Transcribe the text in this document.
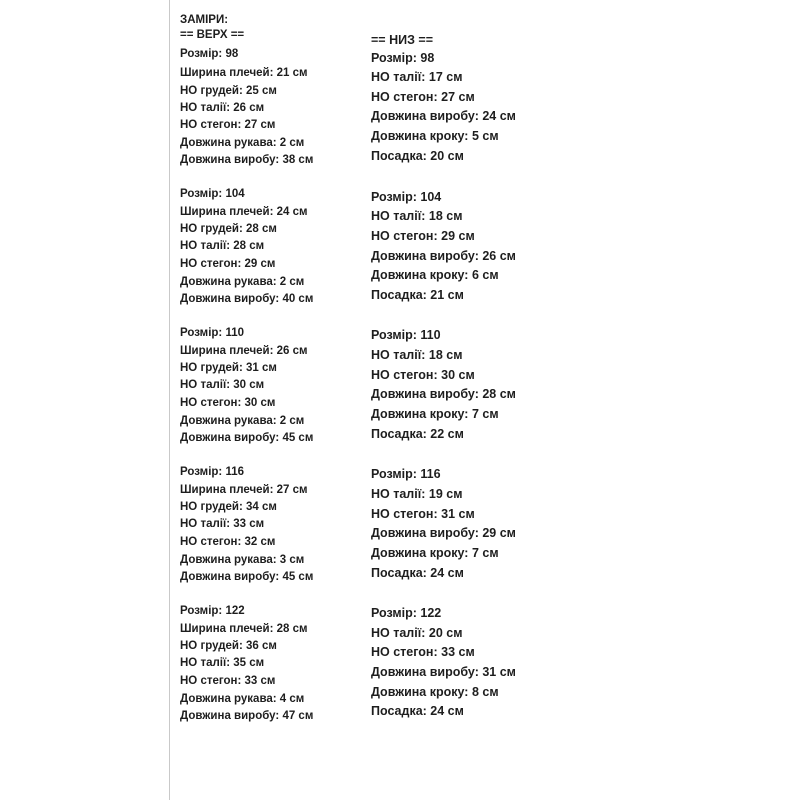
ЗАМІРИ:
== ВЕРХ ==
Розмір: 98
Ширина плечей: 21 см
НО грудей: 25 см
НО талії: 26 см
НО стегон: 27 см
Довжина рукава: 2 см
Довжина виробу: 38 см
Розмір: 104
Ширина плечей: 24 см
НО грудей: 28 см
НО талії: 28 см
НО стегон: 29 см
Довжина рукава: 2 см
Довжина виробу: 40 см
Розмір: 110
Ширина плечей: 26 см
НО грудей: 31 см
НО талії: 30 см
НО стегон: 30 см
Довжина рукава: 2 см
Довжина виробу: 45 см
Розмір: 116
Ширина плечей: 27 см
НО грудей: 34 см
НО талії: 33 см
НО стегон: 32 см
Довжина рукава: 3 см
Довжина виробу: 45 см
Розмір: 122
Ширина плечей: 28 см
НО грудей: 36 см
НО талії: 35 см
НО стегон: 33 см
Довжина рукава: 4 см
Довжина виробу: 47 см
== НИЗ ==
Розмір: 98
НО талії: 17 см
НО стегон: 27 см
Довжина виробу: 24 см
Довжина кроку: 5 см
Посадка: 20 см
Розмір: 104
НО талії: 18 см
НО стегон: 29 см
Довжина виробу: 26 см
Довжина кроку: 6 см
Посадка: 21 см
Розмір: 110
НО талії: 18 см
НО стегон: 30 см
Довжина виробу: 28 см
Довжина кроку: 7 см
Посадка: 22 см
Розмір: 116
НО талії: 19 см
НО стегон: 31 см
Довжина виробу: 29 см
Довжина кроку: 7 см
Посадка: 24 см
Розмір: 122
НО талії: 20 см
НО стегон: 33 см
Довжина виробу: 31 см
Довжина кроку: 8 см
Посадка: 24 см
